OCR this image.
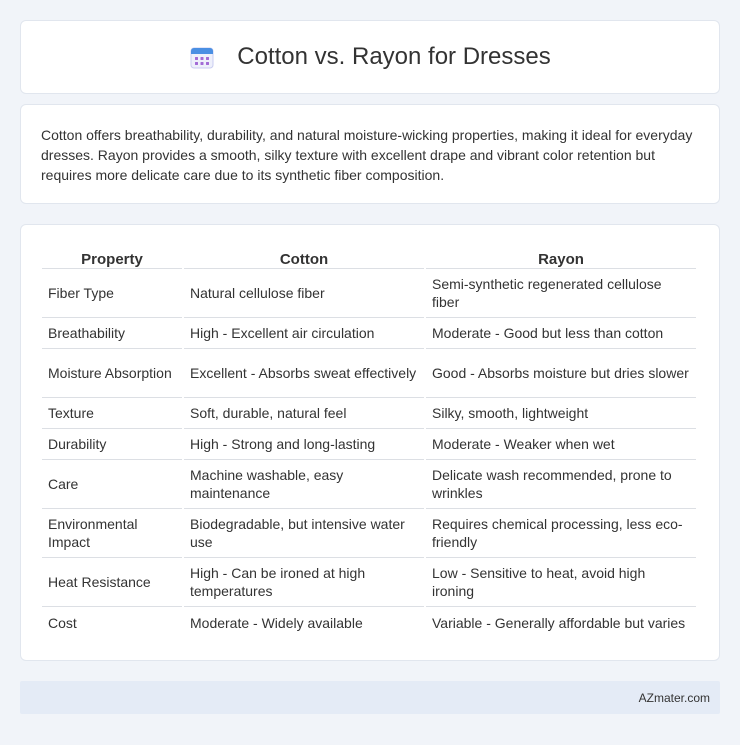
Cotton vs. Rayon for Dresses

Cotton offers breathability, durability, and natural moisture-wicking properties, making it ideal for everyday dresses. Rayon provides a smooth, silky texture with excellent drape and vibrant color retention but requires more delicate care due to its synthetic fiber composition.

Property	Cotton	Rayon
Fiber Type	Natural cellulose fiber	Semi-synthetic regenerated cellulose fiber
Breathability	High - Excellent air circulation	Moderate - Good but less than cotton
Moisture Absorption	Excellent - Absorbs sweat effectively	Good - Absorbs moisture but dries slower
Texture	Soft, durable, natural feel	Silky, smooth, lightweight
Durability	High - Strong and long-lasting	Moderate - Weaker when wet
Care	Machine washable, easy maintenance	Delicate wash recommended, prone to wrinkles
Environmental Impact	Biodegradable, but intensive water use	Requires chemical processing, less eco-friendly
Heat Resistance	High - Can be ironed at high temperatures	Low - Sensitive to heat, avoid high ironing
Cost	Moderate - Widely available	Variable - Generally affordable but varies
AZmater.com
